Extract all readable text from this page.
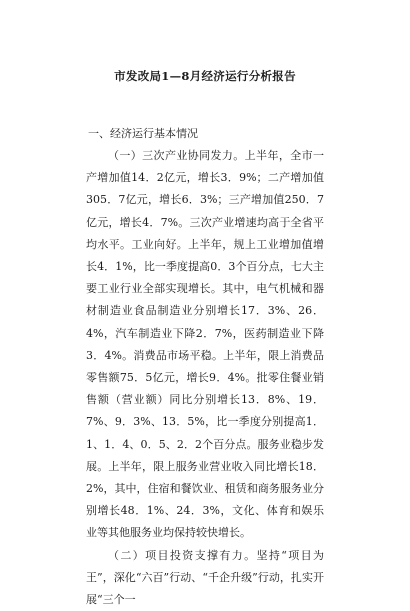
市发改局1—8月经济运行分析报告

一、经济运行基本情况

（一）三次产业协同发力。上半年，全市一产增加值14．2亿元，增长3．9%；二产增加值305．7亿元，增长6．3%；三产增加值250．7亿元，增长4．7%。三次产业增速均高于全省平均水平。工业向好。上半年，规上工业增加值增长4．1%，比一季度提高0．3个百分点，七大主要工业行业全部实现增长。其中，电气机械和器材制造业食品制造业分别增长17．3%、26．4%，汽车制造业下降2．7%，医药制造业下降3．4%。消费品市场平稳。上半年，限上消费品零售额75．5亿元，增长9．4%。批零住餐业销售额（营业额）同比分别增长13．8%、19．7%、9．3%、13．5%，比一季度分别提高1．1、1．4、0．5、2．2个百分点。服务业稳步发展。上半年，限上服务业营业收入同比增长18．2%，其中，住宿和餐饮业、租赁和商务服务业分别增长48．1%、24．3%，文化、体育和娱乐业等其他服务业均保持较快增长。

（二）项目投资支撑有力。坚持“项目为王”，深化“六百”行动、“千企升级”行动，扎实开展“三个一
